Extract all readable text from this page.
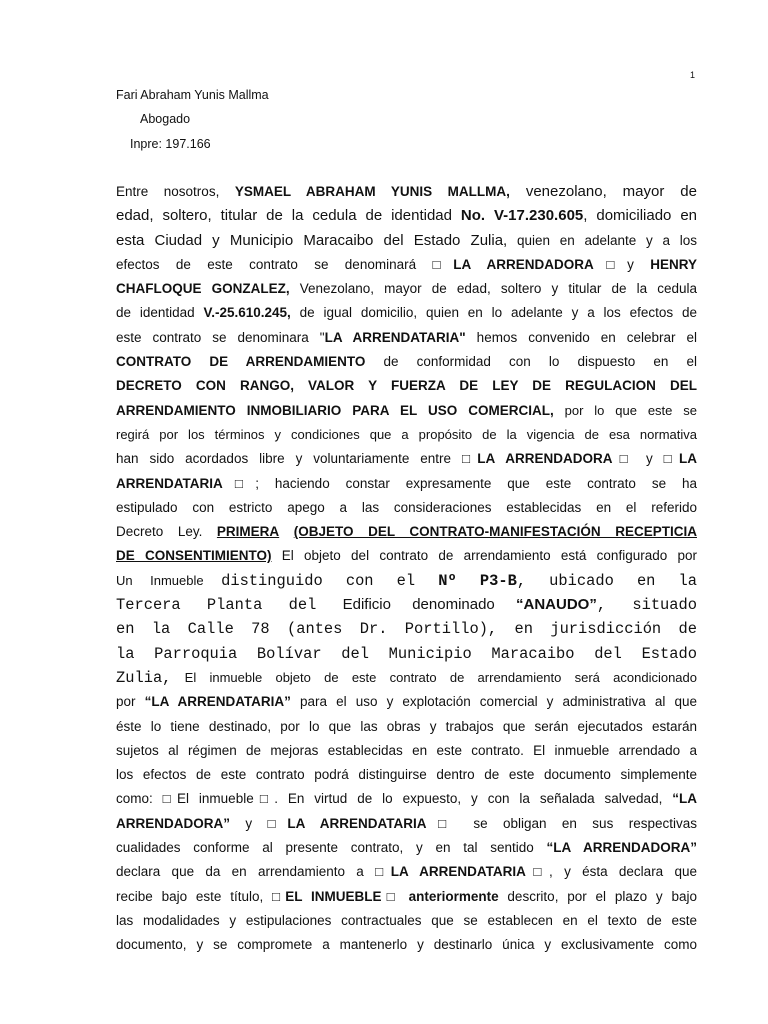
1
Fari Abraham Yunis Mallma
Abogado
Inpre: 197.166
Entre nosotros, YSMAEL ABRAHAM YUNIS MALLMA, venezolano, mayor de
edad, soltero, titular de la cedula de identidad No. V-17.230.605, domiciliado en
esta Ciudad y Municipio Maracaibo del Estado Zulia, quien en adelante y a los
efectos de este contrato se denominará □LA ARRENDADORA□y HENRY
CHAFLOQUE GONZALEZ, Venezolano, mayor de edad, soltero y titular de la cedula
de identidad V.-25.610.245, de igual domicilio, quien en lo adelante y a los efectos de
este contrato se denominara "LA ARRENDATARIA" hemos convenido en celebrar el
CONTRATO DE ARRENDAMIENTO de conformidad con lo dispuesto en el
DECRETO CON RANGO, VALOR Y FUERZA DE LEY DE REGULACION DEL
ARRENDAMIENTO INMOBILIARIO PARA EL USO COMERCIAL, por lo que este se
regirá por los términos y condiciones que a propósito de la vigencia de esa normativa
han sido acordados libre y voluntariamente entre □LA ARRENDADORA□ y □LA
ARRENDATARIA□; haciendo constar expresamente que este contrato se ha
estipulado con estricto apego a las consideraciones establecidas en el referido
Decreto Ley. PRIMERA (OBJETO DEL CONTRATO-MANIFESTACIÓN RECEPTICIA
DE CONSENTIMIENTO) El objeto del contrato de arrendamiento está configurado por
Un Inmueble distinguido con el Nº P3-B, ubicado en la
Tercera Planta del Edificio denominado “ANAUDO”, situado
en la Calle 78 (antes Dr. Portillo), en jurisdicción de
la Parroquia Bolívar del Municipio Maracaibo del Estado
Zulia, El inmueble objeto de este contrato de arrendamiento será acondicionado
por “LA ARRENDATARIA” para el uso y explotación comercial y administrativa al que
éste lo tiene destinado, por lo que las obras y trabajos que serán ejecutados estarán
sujetos al régimen de mejoras establecidas en este contrato. El inmueble arrendado a
los efectos de este contrato podrá distinguirse dentro de este documento simplemente
como: □El inmueble□. En virtud de lo expuesto, y con la señalada salvedad, “LA
ARRENDADORA” y □LA ARRENDATARIA□ se obligan en sus respectivas
cualidades conforme al presente contrato, y en tal sentido “LA ARRENDADORA”
declara que da en arrendamiento a □LA ARRENDATARIA□, y ésta declara que
recibe bajo este título, □EL INMUEBLE□ anteriormente descrito, por el plazo y bajo
las modalidades y estipulaciones contractuales que se establecen en el texto de este
documento, y se compromete a mantenerlo y destinarlo única y exclusivamente como
